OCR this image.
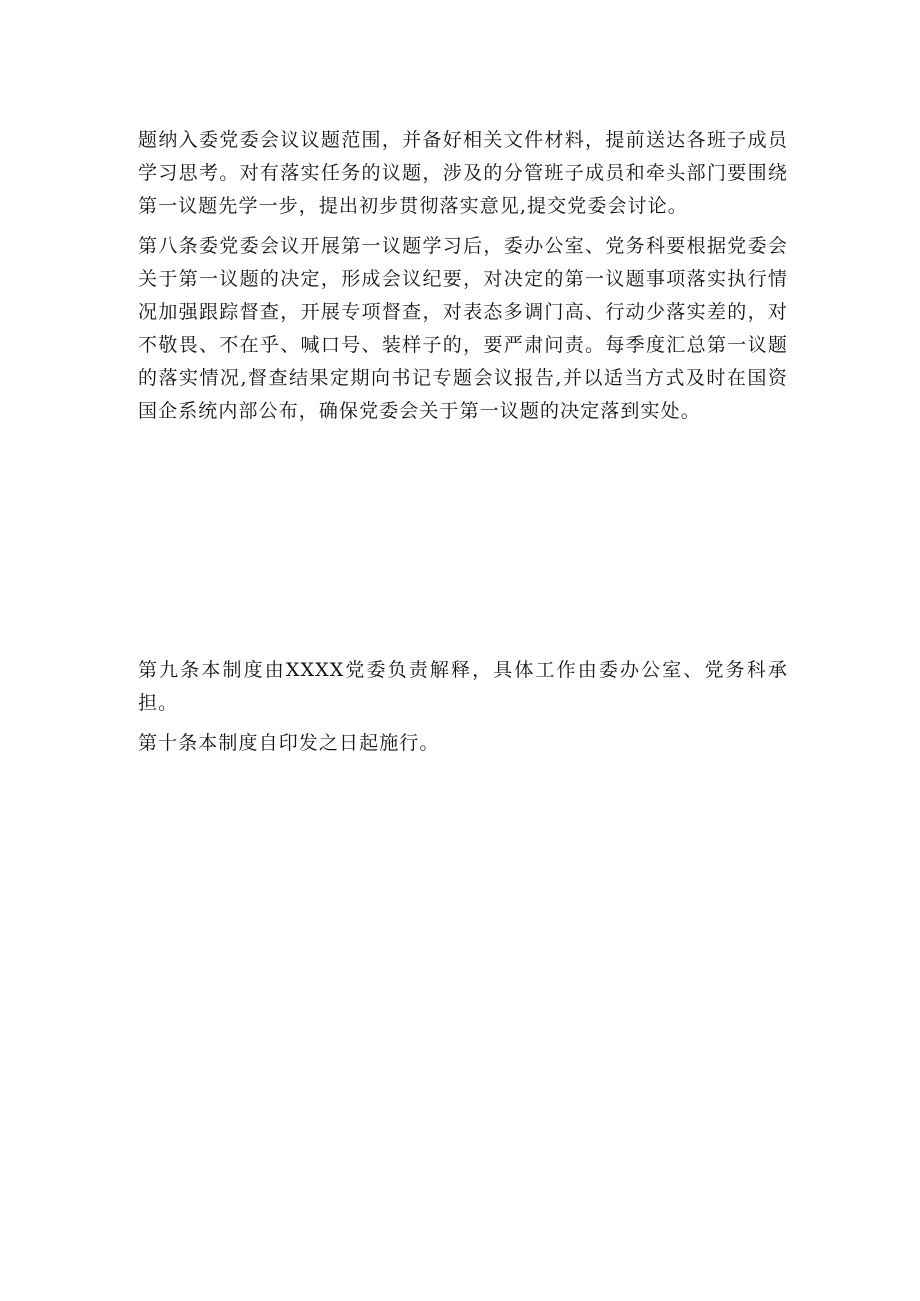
题纳入委党委会议议题范围，并备好相关文件材料，提前送达各班子成员学习思考。对有落实任务的议题，涉及的分管班子成员和牵头部门要围绕第一议题先学一步，提出初步贯彻落实意见,提交党委会讨论。

第八条委党委会议开展第一议题学习后，委办公室、党务科要根据党委会关于第一议题的决定，形成会议纪要，对决定的第一议题事项落实执行情况加强跟踪督查，开展专项督查，对表态多调门高、行动少落实差的，对不敬畏、不在乎、喊口号、装样子的，要严肃问责。每季度汇总第一议题的落实情况,督查结果定期向书记专题会议报告,并以适当方式及时在国资国企系统内部公布，确保党委会关于第一议题的决定落到实处。

第九条本制度由XXXX党委负责解释，具体工作由委办公室、党务科承担。

第十条本制度自印发之日起施行。
